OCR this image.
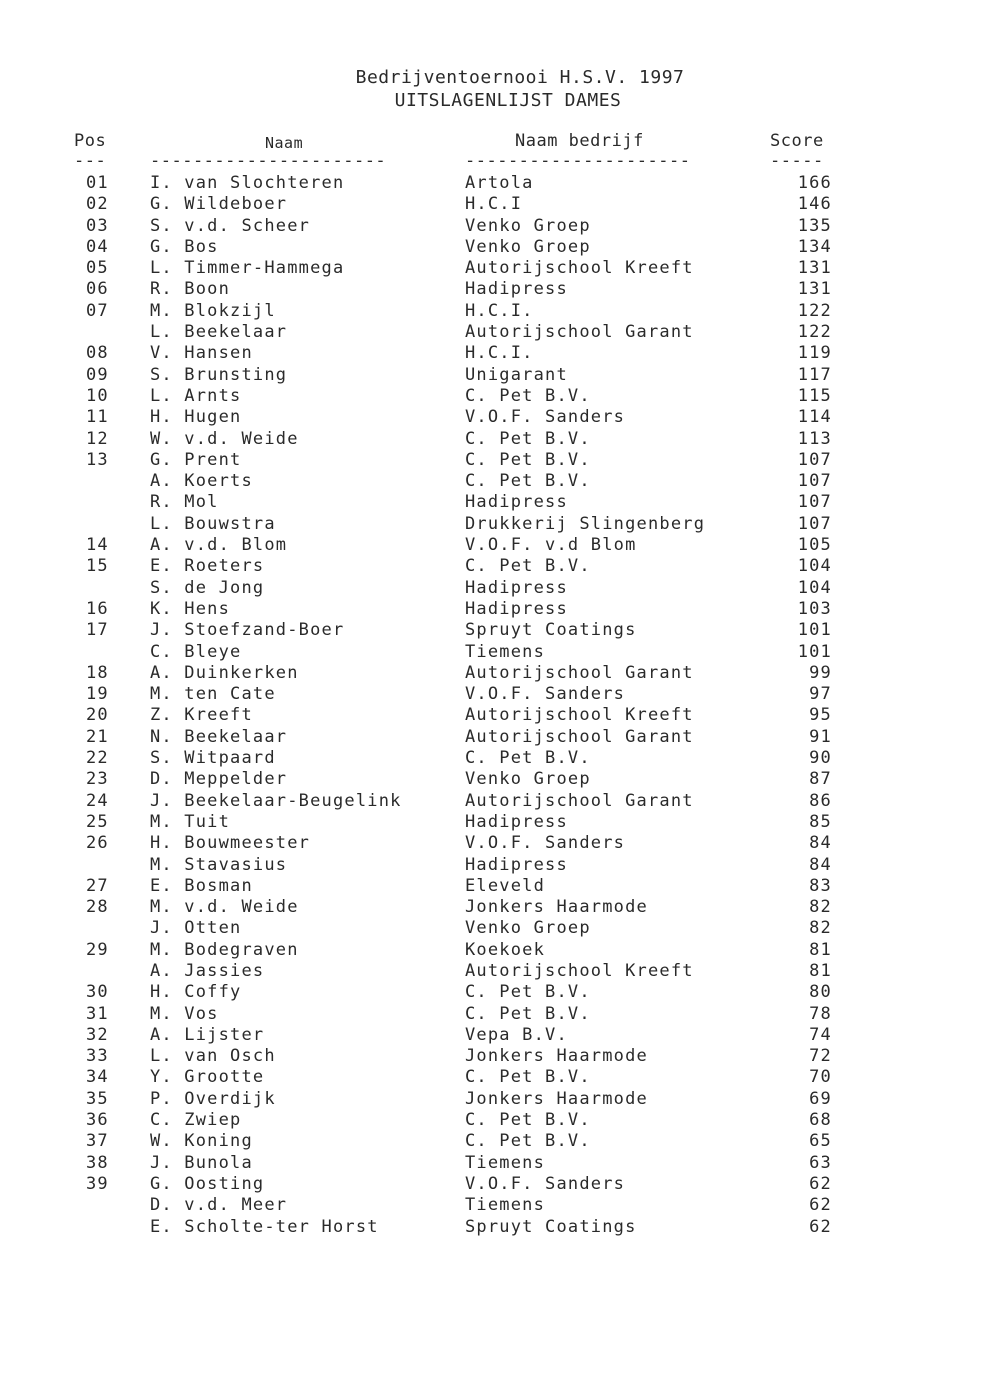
Bedrijventoernooi H.S.V. 1997
UITSLAGENLIJST DAMES
Pos	Naam	Naam bedrijf	Score
---	----------------------	---------------------	-----
01 I. van Slochteren	Artola	166
02 G. Wildeboer	H.C.I	146
03 S. v.d. Scheer	Venko Groep	135
04 G. Bos	Venko Groep	134
05 L. Timmer-Hammega	Autorijschool Kreeft	131
06 R. Boon	Hadipress	131
07 M. Blokzijl	H.C.I.	122
L. Beekelaar	Autorijschool Garant	122
08 V. Hansen	H.C.I.	119
09 S. Brunsting	Unigarant	117
10 L. Arnts	C. Pet B.V.	115
11 H. Hugen	V.O.F. Sanders	114
12 W. v.d. Weide	C. Pet B.V.	113
13 G. Prent	C. Pet B.V.	107
A. Koerts	C. Pet B.V.	107
R. Mol	Hadipress	107
L. Bouwstra	Drukkerij Slingenberg	107
14 A. v.d. Blom	V.O.F. v.d Blom	105
15 E. Roeters	C. Pet B.V.	104
S. de Jong	Hadipress	104
16 K. Hens	Hadipress	103
17 J. Stoefzand-Boer	Spruyt Coatings	101
C. Bleye	Tiemens	101
18 A. Duinkerken	Autorijschool Garant	99
19 M. ten Cate	V.O.F. Sanders	97
20 Z. Kreeft	Autorijschool Kreeft	95
21 N. Beekelaar	Autorijschool Garant	91
22 S. Witpaard	C. Pet B.V.	90
23 D. Meppelder	Venko Groep	87
24 J. Beekelaar-Beugelink	Autorijschool Garant	86
25 M. Tuit	Hadipress	85
26 H. Bouwmeester	V.O.F. Sanders	84
M. Stavasius	Hadipress	84
27 E. Bosman	Eleveld	83
28 M. v.d. Weide	Jonkers Haarmode	82
J. Otten	Venko Groep	82
29 M. Bodegraven	Koekoek	81
A. Jassies	Autorijschool Kreeft	81
30 H. Coffy	C. Pet B.V.	80
31 M. Vos	C. Pet B.V.	78
32 A. Lijster	Vepa B.V.	74
33 L. van Osch	Jonkers Haarmode	72
34 Y. Grootte	C. Pet B.V.	70
35 P. Overdijk	Jonkers Haarmode	69
36 C. Zwiep	C. Pet B.V.	68
37 W. Koning	C. Pet B.V.	65
38 J. Bunola	Tiemens	63
39 G. Oosting	V.O.F. Sanders	62
D. v.d. Meer	Tiemens	62
E. Scholte-ter Horst	Spruyt Coatings	62
